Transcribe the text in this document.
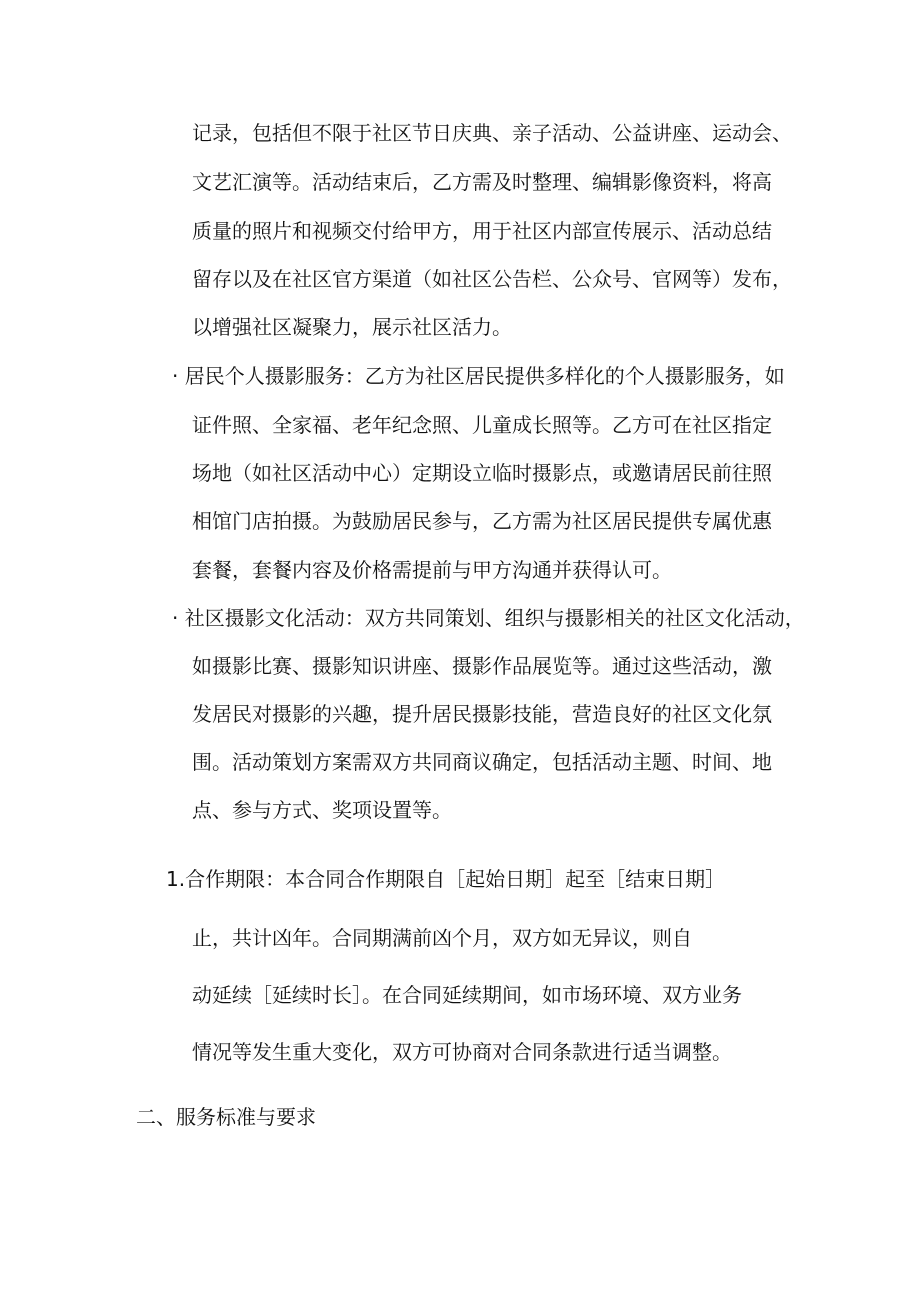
记录，包括但不限于社区节日庆典、亲子活动、公益讲座、运动会、
文艺汇演等。活动结束后，乙方需及时整理、编辑影像资料，将高
质量的照片和视频交付给甲方，用于社区内部宣传展示、活动总结
留存以及在社区官方渠道（如社区公告栏、公众号、官网等）发布，
以增强社区凝聚力，展示社区活力。
· 居民个人摄影服务：乙方为社区居民提供多样化的个人摄影服务，如
证件照、全家福、老年纪念照、儿童成长照等。乙方可在社区指定
场地（如社区活动中心）定期设立临时摄影点，或邀请居民前往照
相馆门店拍摄。为鼓励居民参与，乙方需为社区居民提供专属优惠
套餐，套餐内容及价格需提前与甲方沟通并获得认可。
· 社区摄影文化活动：双方共同策划、组织与摄影相关的社区文化活动，
如摄影比赛、摄影知识讲座、摄影作品展览等。通过这些活动，激
发居民对摄影的兴趣，提升居民摄影技能，营造良好的社区文化氛
围。活动策划方案需双方共同商议确定，包括活动主题、时间、地
点、参与方式、奖项设置等。
1.合作期限：本合同合作期限自［起始日期］起至［结束日期］
止，共计凶年。合同期满前凶个月，双方如无异议，则自
动延续［延续时长］。在合同延续期间，如市场环境、双方业务
情况等发生重大变化，双方可协商对合同条款进行适当调整。
二、服务标准与要求
